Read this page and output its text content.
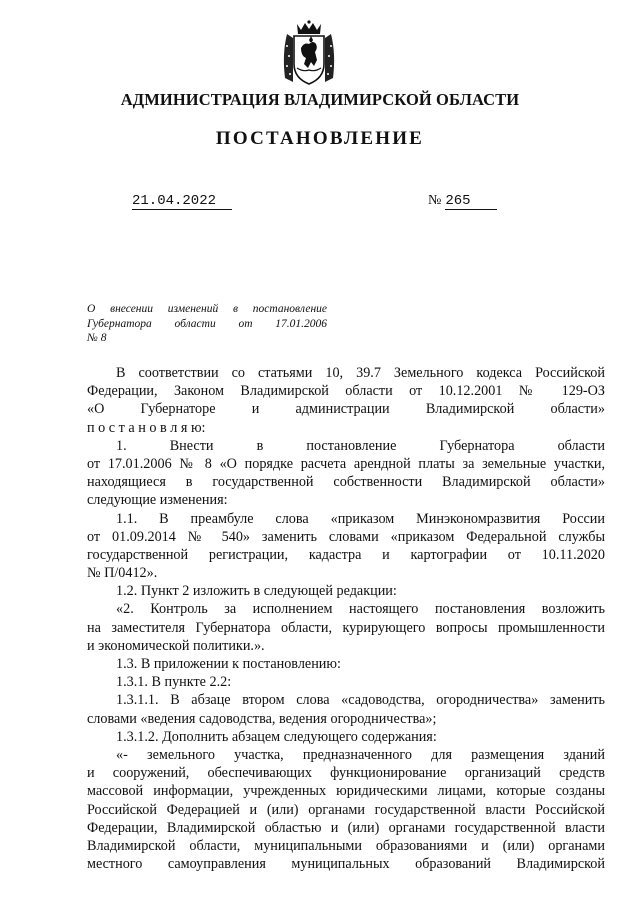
АДМИНИСТРАЦИЯ ВЛАДИМИРСКОЙ ОБЛАСТИ
ПОСТАНОВЛЕНИЕ
21.04.2022	№ 265
О внесении изменений в постановление
Губернатора области от 17.01.2006
№ 8
В соответствии со статьями 10, 39.7 Земельного кодекса Российской
Федерации, Законом Владимирской области от 10.12.2001 № 129-ОЗ
«О Губернаторе и администрации Владимирской области»
п о с т а н о в л я ю:
1. Внести в постановление Губернатора области
от 17.01.2006 № 8 «О порядке расчета арендной платы за земельные участки,
находящиеся в государственной собственности Владимирской области»
следующие изменения:
1.1. В преамбуле слова «приказом Минэкономразвития России
от 01.09.2014 № 540» заменить словами «приказом Федеральной службы
государственной регистрации, кадастра и картографии от 10.11.2020
№ П/0412».
1.2. Пункт 2 изложить в следующей редакции:
«2. Контроль за исполнением настоящего постановления возложить
на заместителя Губернатора области, курирующего вопросы промышленности
и экономической политики.».
1.3. В приложении к постановлению:
1.3.1. В пункте 2.2:
1.3.1.1. В абзаце втором слова «садоводства, огородничества» заменить
словами «ведения садоводства, ведения огородничества»;
1.3.1.2. Дополнить абзацем следующего содержания:
«- земельного участка, предназначенного для размещения зданий
и сооружений, обеспечивающих функционирование организаций средств
массовой информации, учрежденных юридическими лицами, которые созданы
Российской Федерацией и (или) органами государственной власти Российской
Федерации, Владимирской областью и (или) органами государственной власти
Владимирской области, муниципальными образованиями и (или) органами
местного самоуправления муниципальных образований Владимирской
